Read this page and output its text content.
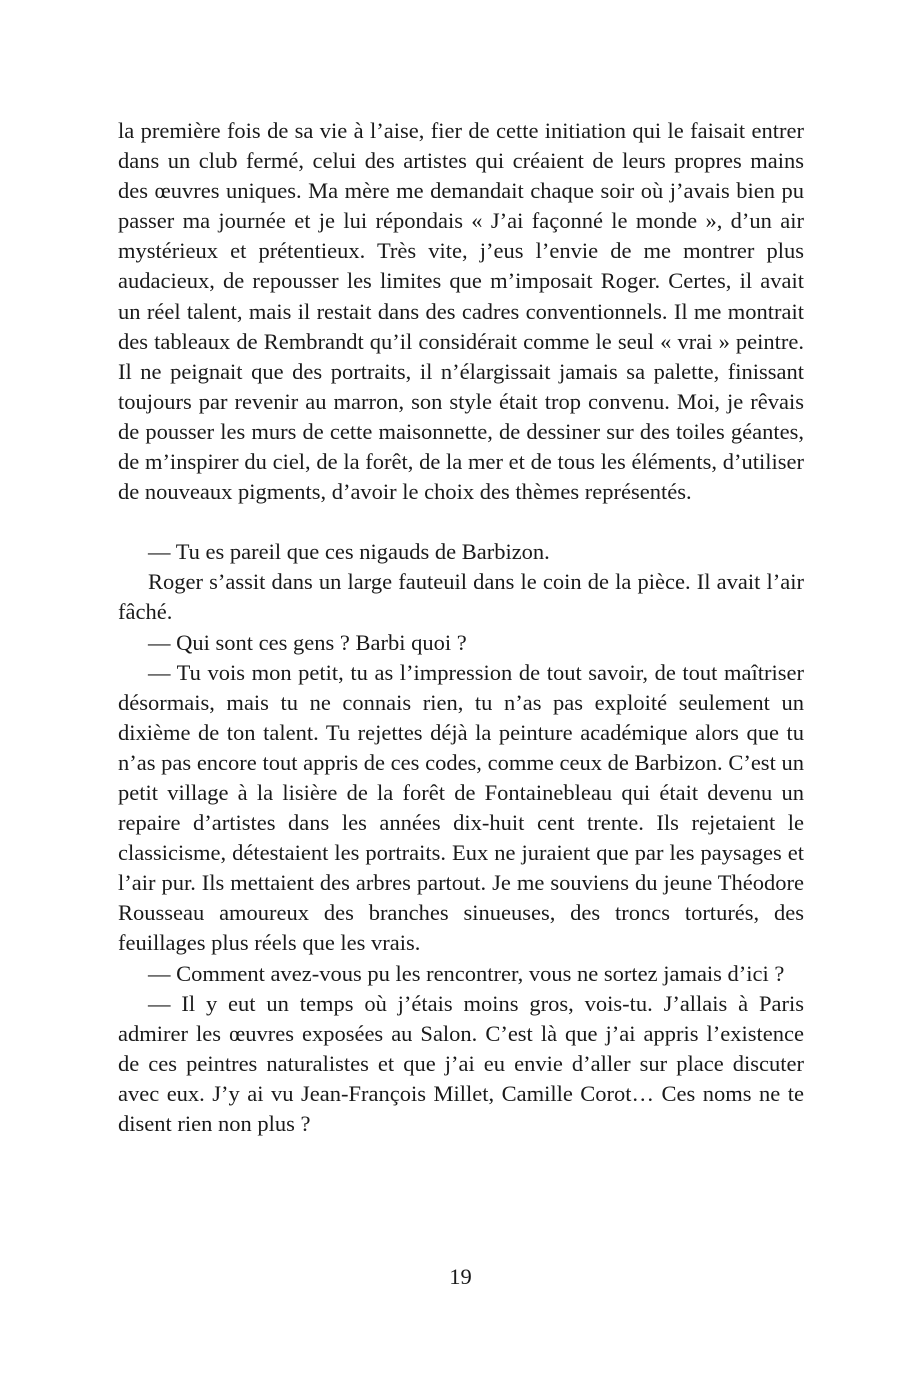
la première fois de sa vie à l’aise, fier de cette initiation qui le faisait entrer dans un club fermé, celui des artistes qui créaient de leurs propres mains des œuvres uniques. Ma mère me demandait chaque soir où j’avais bien pu passer ma journée et je lui répondais « J’ai façonné le monde », d’un air mystérieux et prétentieux. Très vite, j’eus l’envie de me montrer plus audacieux, de repousser les limites que m’imposait Roger. Certes, il avait un réel talent, mais il restait dans des cadres conventionnels. Il me montrait des tableaux de Rembrandt qu’il considérait comme le seul « vrai » peintre. Il ne peignait que des portraits, il n’élargissait jamais sa palette, finissant toujours par revenir au marron, son style était trop convenu. Moi, je rêvais de pousser les murs de cette maisonnette, de dessiner sur des toiles géantes, de m’inspirer du ciel, de la forêt, de la mer et de tous les éléments, d’utiliser de nouveaux pigments, d’avoir le choix des thèmes représentés.

— Tu es pareil que ces nigauds de Barbizon.

Roger s’assit dans un large fauteuil dans le coin de la pièce. Il avait l’air fâché.

— Qui sont ces gens ? Barbi quoi ?

— Tu vois mon petit, tu as l’impression de tout savoir, de tout maîtriser désormais, mais tu ne connais rien, tu n’as pas exploité seulement un dixième de ton talent. Tu rejettes déjà la peinture académique alors que tu n’as pas encore tout appris de ces codes, comme ceux de Barbizon. C’est un petit village à la lisière de la forêt de Fontainebleau qui était devenu un repaire d’artistes dans les années dix-huit cent trente. Ils rejetaient le classicisme, détestaient les portraits. Eux ne juraient que par les paysages et l’air pur. Ils mettaient des arbres partout. Je me souviens du jeune Théodore Rousseau amoureux des branches sinueuses, des troncs torturés, des feuillages plus réels que les vrais.

— Comment avez-vous pu les rencontrer, vous ne sortez jamais d’ici ?

— Il y eut un temps où j’étais moins gros, vois-tu. J’allais à Paris admirer les œuvres exposées au Salon. C’est là que j’ai appris l’existence de ces peintres naturalistes et que j’ai eu envie d’aller sur place discuter avec eux. J’y ai vu Jean-François Millet, Camille Corot… Ces noms ne te disent rien non plus ?

19
